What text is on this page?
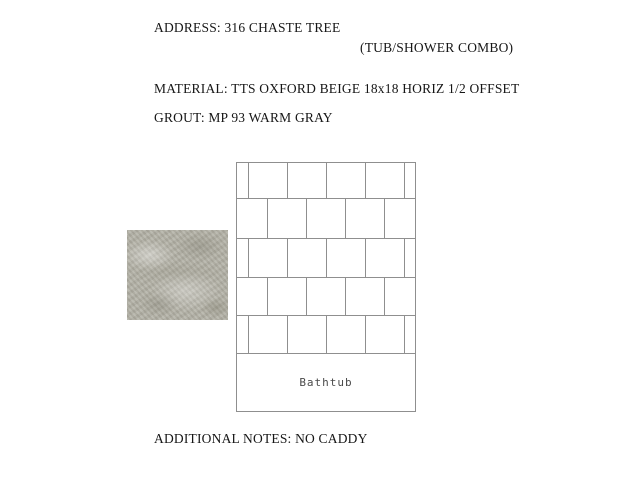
ADDRESS: 316 CHASTE TREE
(TUB/SHOWER COMBO)
MATERIAL: TTS OXFORD BEIGE 18x18 HORIZ 1/2 OFFSET
GROUT: MP 93 WARM GRAY
Bathtub
ADDITIONAL NOTES: NO CADDY
